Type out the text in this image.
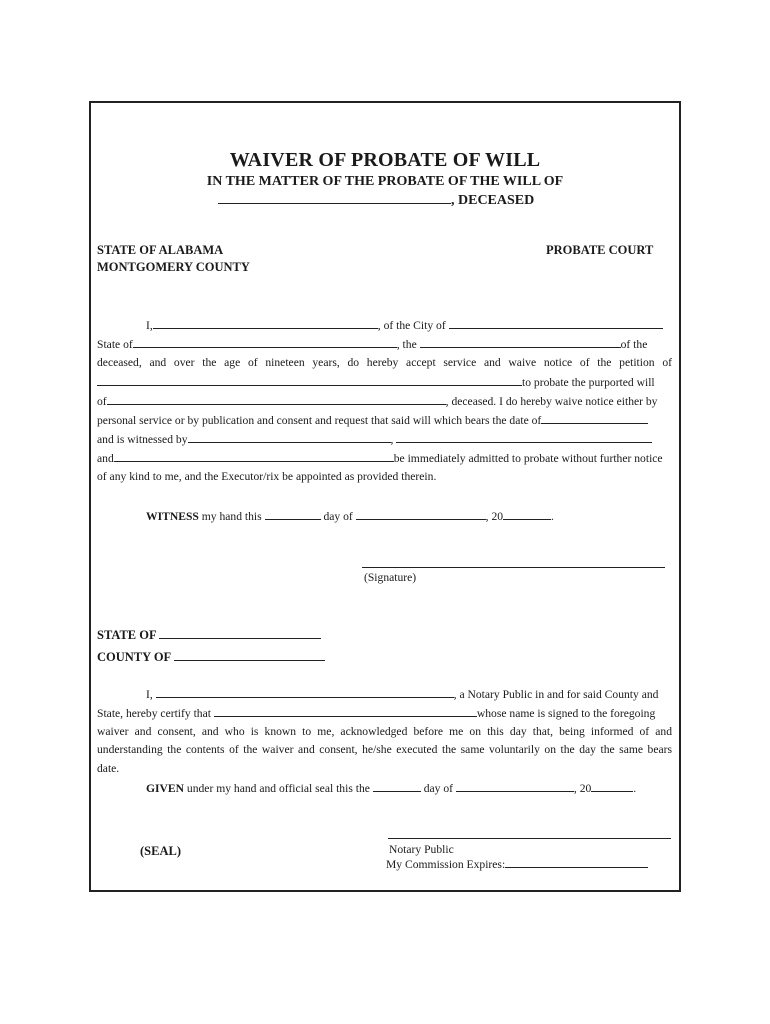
WAIVER OF PROBATE OF WILL
IN THE MATTER OF THE PROBATE OF THE WILL OF
, DECEASED
STATE OF ALABAMA
MONTGOMERY COUNTY
PROBATE COURT
I,	, of the City of
State of	, the	of the
deceased, and over the age of nineteen years, do hereby accept service and waive notice of the petition of
to probate the purported will
of	, deceased. I do hereby waive notice either by
personal service or by publication and consent and request that said will which bears the date of
and is witnessed by	,
and	be immediately admitted to probate without further notice
of any kind to me, and the Executor/rix be appointed as provided therein.
WITNESS my hand this	day of	, 20	.
(Signature)
STATE OF
COUNTY OF
I,	, a Notary Public in and for said County and
State, hereby certify that	whose name is signed to the foregoing
waiver and consent, and who is known to me, acknowledged before me on this day that, being informed of and
understanding the contents of the waiver and consent, he/she executed the same voluntarily on the day the same bears
date.
GIVEN under my hand and official seal this the	day of	, 20	.
(SEAL)	Notary Public
My Commission Expires:
